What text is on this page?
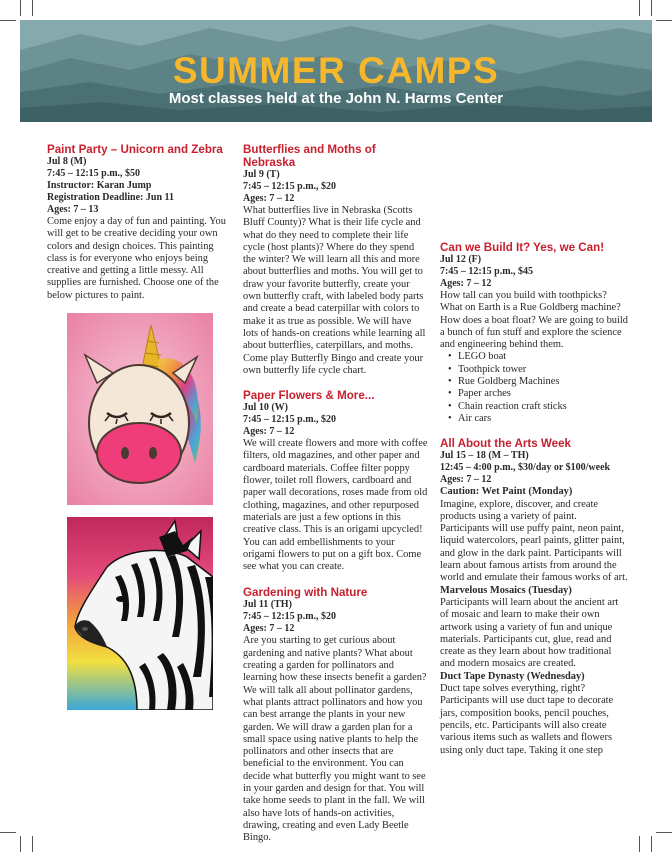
SUMMER CAMPS
Most classes held at the John N. Harms Center
Paint Party – Unicorn and Zebra
Jul 8 (M)
7:45 – 12:15 p.m., $50
Instructor: Karan Jump
Registration Deadline: Jun 11
Ages: 7 – 13

Come enjoy a day of fun and painting. You will get to be creative deciding your own colors and design choices. This painting class is for everyone who enjoys being creative and getting a little messy. All supplies are furnished. Choose one of the below pictures to paint.

Butterflies and Moths of Nebraska
Jul 9 (T)
7:45 – 12:15 p.m., $20
Ages: 7 – 12

What butterflies live in Nebraska (Scotts Bluff County)? What is their life cycle and what do they need to complete their life cycle (host plants)? Where do they spend the winter? We will learn all this and more about butterflies and moths. You will get to draw your favorite butterfly, create your own butterfly craft, with labeled body parts and create a bead caterpillar with colors to make it as true as possible. We will have lots of hands-on creations while learning all about butterflies, caterpillars, and moths. Come play Butterfly Bingo and create your own butterfly life cycle chart.

Paper Flowers & More...
Jul 10 (W)
7:45 – 12:15 p.m., $20
Ages: 7 – 12

We will create flowers and more with coffee filters, old magazines, and other paper and cardboard materials. Coffee filter poppy flower, toilet roll flowers, cardboard and paper wall decorations, roses made from old clothing, magazines, and other repurposed materials are just a few options in this creative class. This is an origami upcycled! You can add embellishments to your origami flowers to put on a gift box. Come see what you can create.

Gardening with Nature
Jul 11 (TH)
7:45 – 12:15 p.m., $20
Ages: 7 – 12

Are you starting to get curious about gardening and native plants? What about creating a garden for pollinators and learning how these insects benefit a garden? We will talk all about pollinator gardens, what plants attract pollinators and how you can best arrange the plants in your new garden. We will draw a garden plan for a small space using native plants to help the pollinators and other insects that are beneficial to the environment. You can decide what butterfly you might want to see in your garden and design for that. You will take home seeds to plant in the fall. We will also have lots of hands-on activities, drawing, creating and even Lady Beetle Bingo.

Can we Build It? Yes, we Can!
Jul 12 (F)
7:45 – 12:15 p.m., $45
Ages: 7 – 12

How tall can you build with toothpicks? What on Earth is a Rue Goldberg machine? How does a boat float? We are going to build a bunch of fun stuff and explore the science and engineering behind them.

• LEGO boat
• Toothpick tower
• Rue Goldberg Machines
• Paper arches
• Chain reaction craft sticks
• Air cars
All About the Arts Week
Jul 15 – 18 (M – TH)
12:45 – 4:00 p.m., $30/day or $100/week
Ages: 7 – 12
Caution: Wet Paint (Monday)

Imagine, explore, discover, and create products using a variety of paint. Participants will use puffy paint, neon paint, liquid watercolors, pearl paints, glitter paint, and glow in the dark paint. Participants will learn about famous artists from around the world and emulate their famous works of art.

Marvelous Mosaics (Tuesday)

Participants will learn about the ancient art of mosaic and learn to make their own artwork using a variety of fun and unique materials. Participants cut, glue, read and create as they learn about how traditional and modern mosaics are created.

Duct Tape Dynasty (Wednesday)

Duct tape solves everything, right? Participants will use duct tape to decorate jars, composition books, pencil pouches, pencils, etc. Participants will also create various items such as wallets and flowers using only duct tape. Taking it one step
